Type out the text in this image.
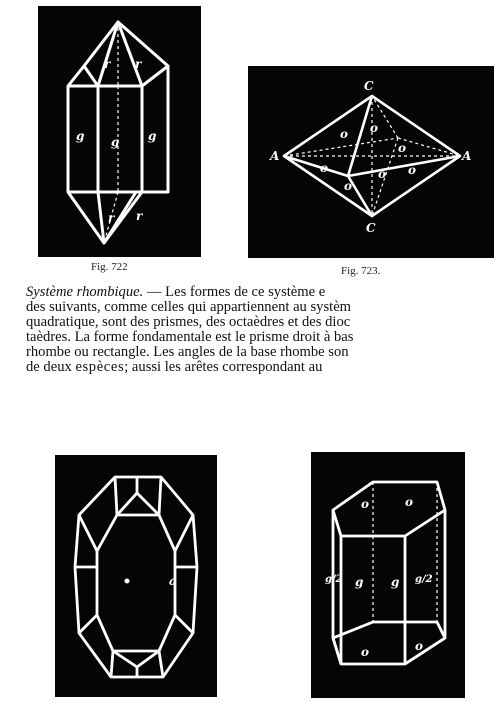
r r
g g g
r r
Fig. 722
C
A	A
C
o o
o
o
o
o o
Fig. 723.
Système rhombique. — Les formes de ce système e
des suivants, comme celles qui appartiennent au systèm
quadratique, sont des prismes, des octaèdres et des dioc
taèdres. La forme fondamentale est le prisme droit à bas
rhombe ou rectangle. Les angles de la base rhombe son
de deux espèces; aussi les arêtes correspondant au
a
o	o
g/2 g g g/2
o	o
